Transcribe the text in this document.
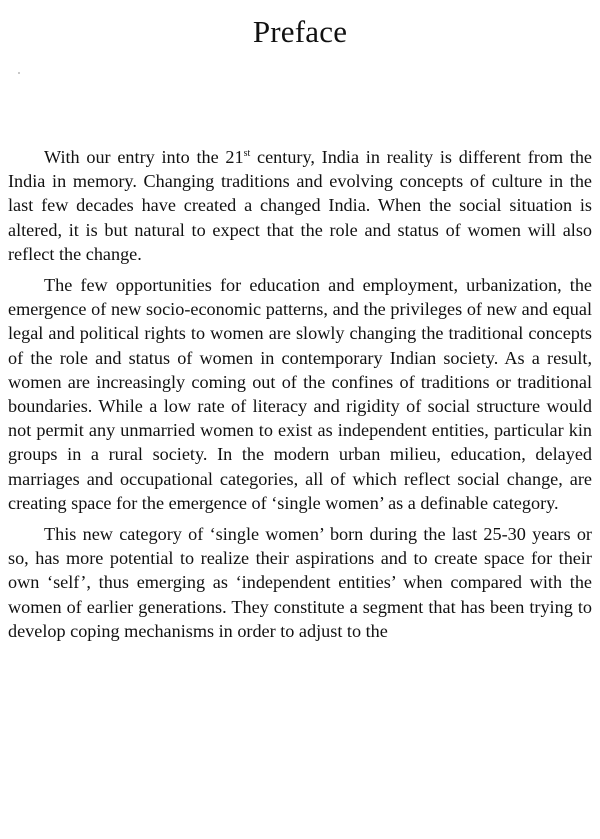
Preface

With our entry into the 21st century, India in reality is different from the India in memory. Changing traditions and evolving concepts of culture in the last few decades have created a changed India. When the social situation is altered, it is but natural to expect that the role and status of women will also reflect the change.

The few opportunities for education and employment, urbanization, the emergence of new socio-economic patterns, and the privileges of new and equal legal and political rights to women are slowly changing the traditional concepts of the role and status of women in contemporary Indian society. As a result, women are increasingly coming out of the confines of traditions or traditional boundaries. While a low rate of literacy and rigidity of social structure would not permit any unmarried women to exist as independent entities, particular kin groups in a rural society. In the modern urban milieu, education, delayed marriages and occupational categories, all of which reflect social change, are creating space for the emergence of ‘single women’ as a definable category.

This new category of ‘single women’ born during the last 25-30 years or so, has more potential to realize their aspirations and to create space for their own ‘self’, thus emerging as ‘independent entities’ when compared with the women of earlier generations. They constitute a segment that has been trying to develop coping mechanisms in order to adjust to the
